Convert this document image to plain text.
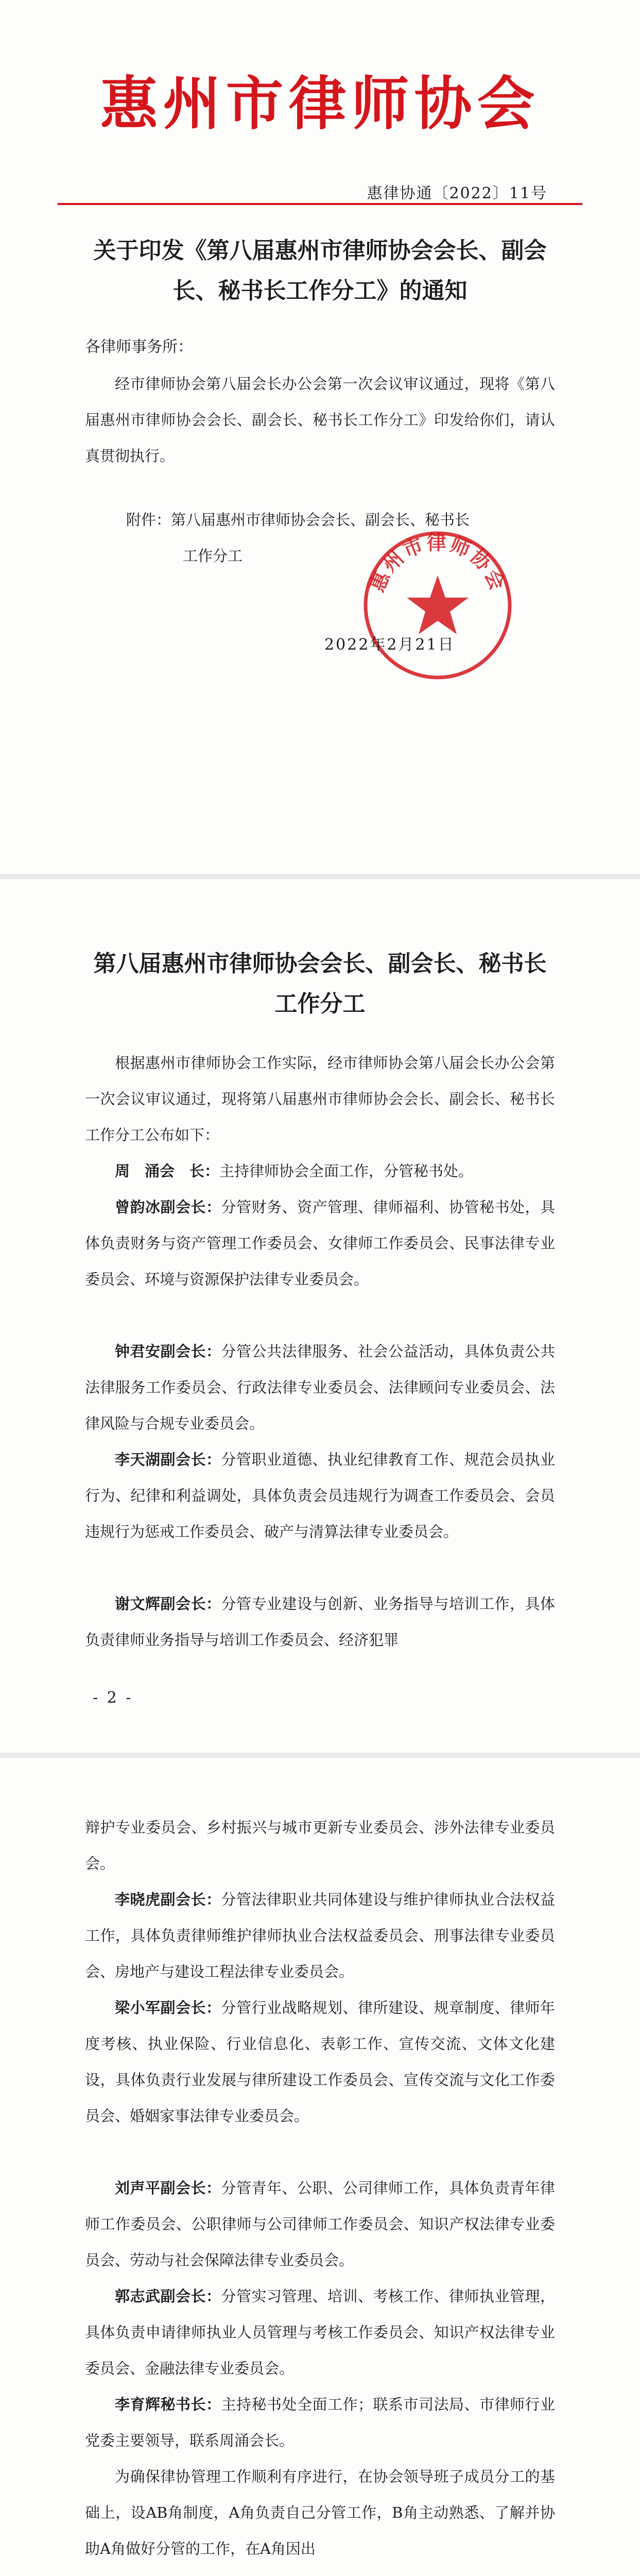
惠州市律师协会
惠律协通〔2022〕11号
关于印发《第八届惠州市律师协会会长、副会长、秘书长工作分工》的通知
各律师事务所：
经市律师协会第八届会长办公会第一次会议审议通过，现将《第八届惠州市律师协会会长、副会长、秘书长工作分工》印发给你们，请认真贯彻执行。
附件：第八届惠州市律师协会会长、副会长、秘书长
工作分工
惠州市律师协会
2022年2月21日
第八届惠州市律师协会会长、副会长、秘书长工作分工
根据惠州市律师协会工作实际，经市律师协会第八届会长办公会第一次会议审议通过，现将第八届惠州市律师协会会长、副会长、秘书长工作分工公布如下：
周　涌会　长：主持律师协会全面工作，分管秘书处。
曾韵冰副会长：分管财务、资产管理、律师福利、协管秘书处，具体负责财务与资产管理工作委员会、女律师工作委员会、民事法律专业委员会、环境与资源保护法律专业委员会。
钟君安副会长：分管公共法律服务、社会公益活动，具体负责公共法律服务工作委员会、行政法律专业委员会、法律顾问专业委员会、法律风险与合规专业委员会。
李天湖副会长：分管职业道德、执业纪律教育工作、规范会员执业行为、纪律和利益调处，具体负责会员违规行为调查工作委员会、会员违规行为惩戒工作委员会、破产与清算法律专业委员会。
谢文辉副会长：分管专业建设与创新、业务指导与培训工作，具体负责律师业务指导与培训工作委员会、经济犯罪
- 2 -
辩护专业委员会、乡村振兴与城市更新专业委员会、涉外法律专业委员会。
李晓虎副会长：分管法律职业共同体建设与维护律师执业合法权益工作，具体负责律师维护律师执业合法权益委员会、刑事法律专业委员会、房地产与建设工程法律专业委员会。
梁小军副会长：分管行业战略规划、律所建设、规章制度、律师年度考核、执业保险、行业信息化、表彰工作、宣传交流、文体文化建设，具体负责行业发展与律所建设工作委员会、宣传交流与文化工作委员会、婚姻家事法律专业委员会。
刘声平副会长：分管青年、公职、公司律师工作，具体负责青年律师工作委员会、公职律师与公司律师工作委员会、知识产权法律专业委员会、劳动与社会保障法律专业委员会。
郭志武副会长：分管实习管理、培训、考核工作、律师执业管理，具体负责申请律师执业人员管理与考核工作委员会、知识产权法律专业委员会、金融法律专业委员会。
李育辉秘书长：主持秘书处全面工作；联系市司法局、市律师行业党委主要领导，联系周涌会长。
为确保律协管理工作顺利有序进行，在协会领导班子成员分工的基础上，设AB角制度，A角负责自己分管工作，B角主动熟悉、了解并协助A角做好分管的工作，在A角因出
